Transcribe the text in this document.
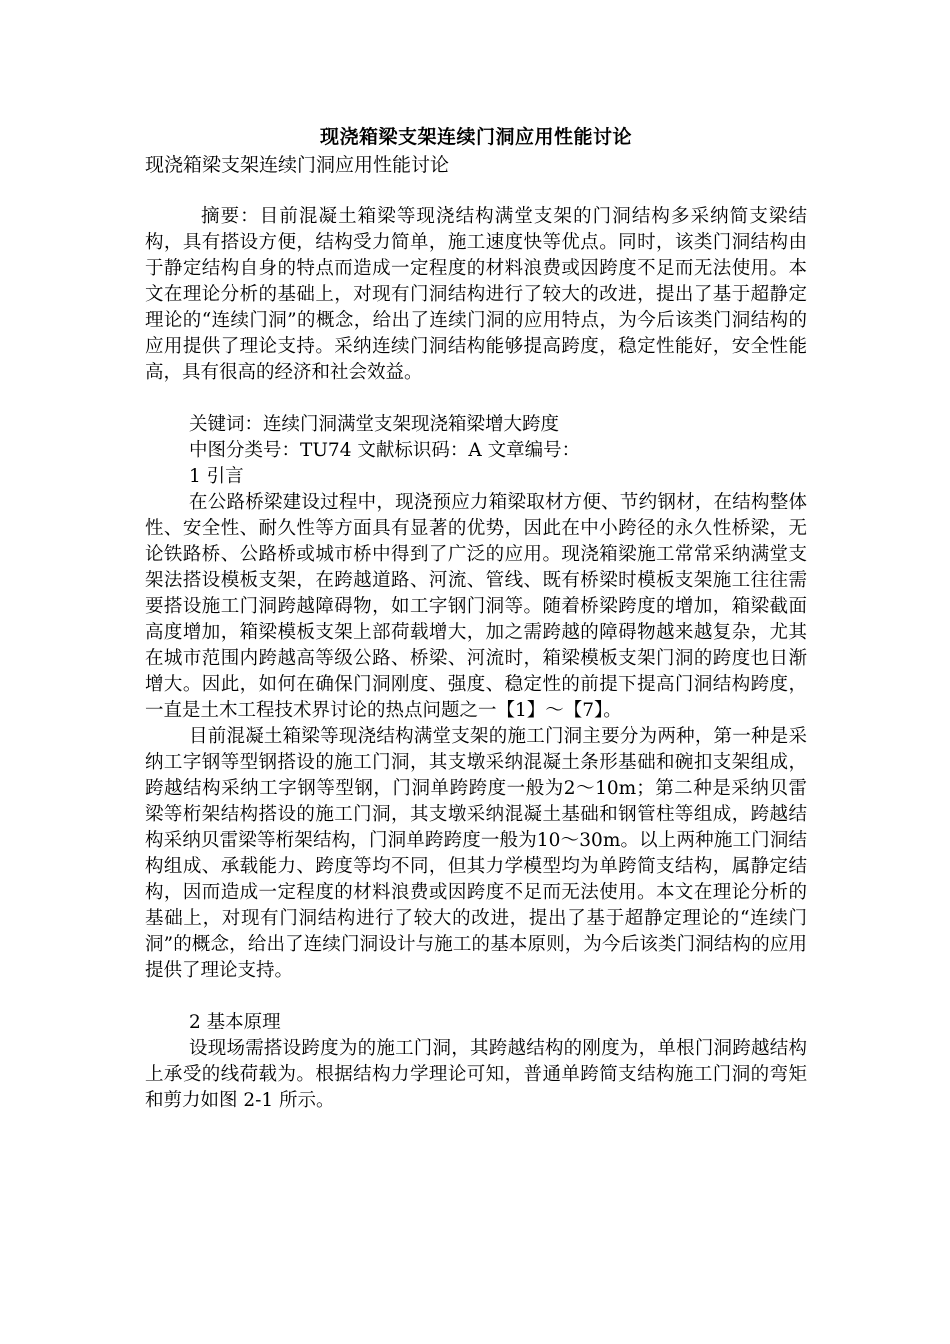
现浇箱梁支架连续门洞应用性能讨论
现浇箱梁支架连续门洞应用性能讨论

摘要：目前混凝土箱梁等现浇结构满堂支架的门洞结构多采纳简支梁结构，具有搭设方便，结构受力简单，施工速度快等优点。同时，该类门洞结构由于静定结构自身的特点而造成一定程度的材料浪费或因跨度不足而无法使用。本文在理论分析的基础上，对现有门洞结构进行了较大的改进，提出了基于超静定理论的“连续门洞”的概念，给出了连续门洞的应用特点，为今后该类门洞结构的应用提供了理论支持。采纳连续门洞结构能够提高跨度，稳定性能好，安全性能高，具有很高的经济和社会效益。

关键词：连续门洞满堂支架现浇箱梁增大跨度

中图分类号：TU74 文献标识码：A 文章编号：

1 引言

在公路桥梁建设过程中，现浇预应力箱梁取材方便、节约钢材，在结构整体性、安全性、耐久性等方面具有显著的优势，因此在中小跨径的永久性桥梁，无论铁路桥、公路桥或城市桥中得到了广泛的应用。现浇箱梁施工常常采纳满堂支架法搭设模板支架，在跨越道路、河流、管线、既有桥梁时模板支架施工往往需要搭设施工门洞跨越障碍物，如工字钢门洞等。随着桥梁跨度的增加，箱梁截面高度增加，箱梁模板支架上部荷载增大，加之需跨越的障碍物越来越复杂，尤其在城市范围内跨越高等级公路、桥梁、河流时，箱梁模板支架门洞的跨度也日渐增大。因此，如何在确保门洞刚度、强度、稳定性的前提下提高门洞结构跨度，一直是土木工程技术界讨论的热点问题之一【1】～【7】。

目前混凝土箱梁等现浇结构满堂支架的施工门洞主要分为两种，第一种是采纳工字钢等型钢搭设的施工门洞，其支墩采纳混凝土条形基础和碗扣支架组成，跨越结构采纳工字钢等型钢，门洞单跨跨度一般为2～10m；第二种是采纳贝雷梁等桁架结构搭设的施工门洞，其支墩采纳混凝土基础和钢管柱等组成，跨越结构采纳贝雷梁等桁架结构，门洞单跨跨度一般为10～30m。以上两种施工门洞结构组成、承载能力、跨度等均不同，但其力学模型均为单跨简支结构，属静定结构，因而造成一定程度的材料浪费或因跨度不足而无法使用。本文在理论分析的基础上，对现有门洞结构进行了较大的改进，提出了基于超静定理论的“连续门洞”的概念，给出了连续门洞设计与施工的基本原则，为今后该类门洞结构的应用提供了理论支持。

2 基本原理

设现场需搭设跨度为的施工门洞，其跨越结构的刚度为，单根门洞跨越结构上承受的线荷载为。根据结构力学理论可知，普通单跨简支结构施工门洞的弯矩和剪力如图 2-1 所示。
